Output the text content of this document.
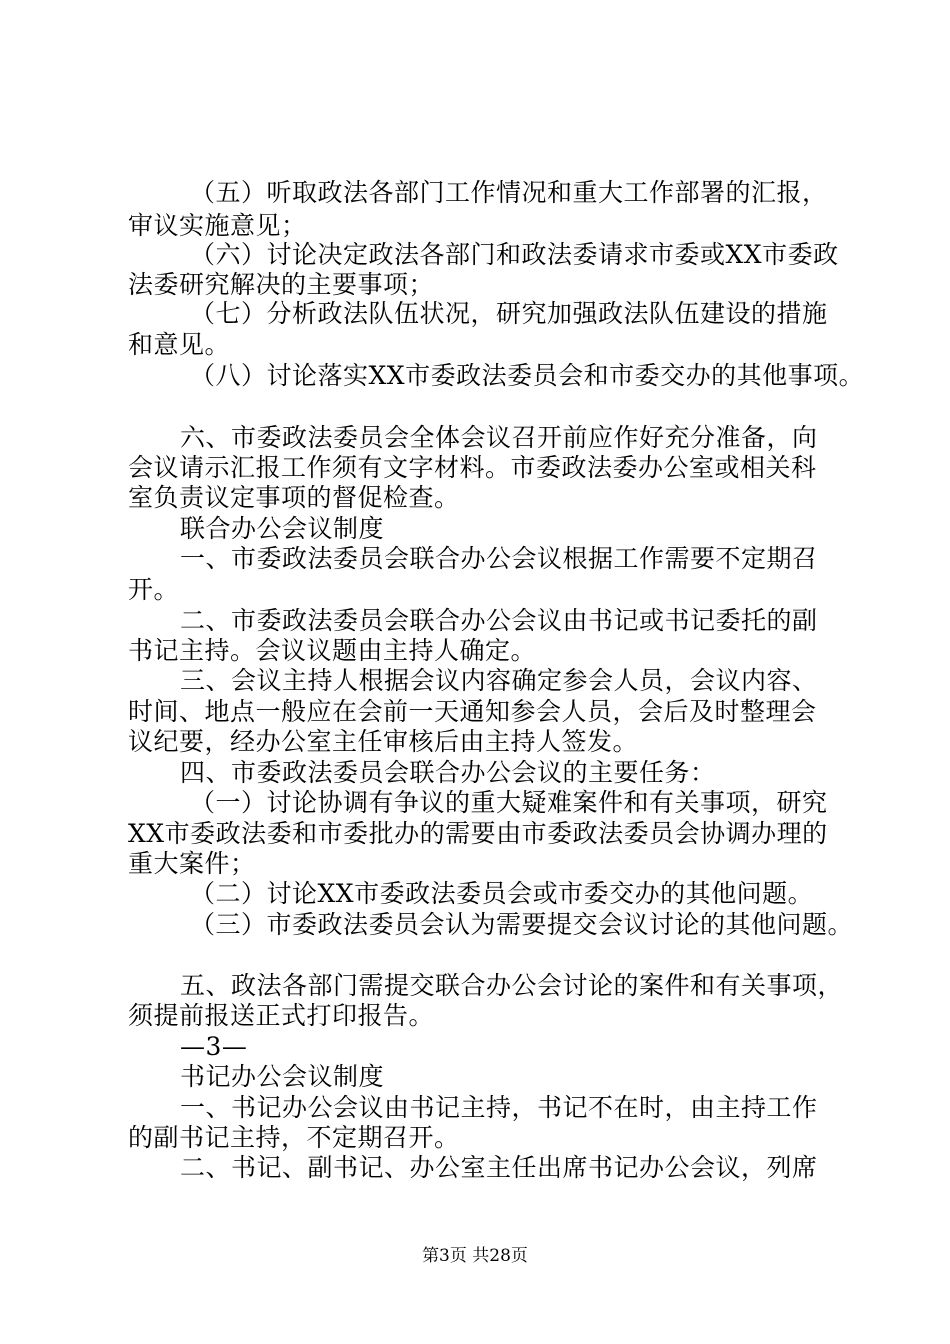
（五）听取政法各部门工作情况和重大工作部署的汇报，
审议实施意见；
（六）讨论决定政法各部门和政法委请求市委或XX市委政
法委研究解决的主要事项；
（七）分析政法队伍状况，研究加强政法队伍建设的措施
和意见。
（八）讨论落实XX市委政法委员会和市委交办的其他事项。
六、市委政法委员会全体会议召开前应作好充分准备，向
会议请示汇报工作须有文字材料。市委政法委办公室或相关科
室负责议定事项的督促检查。
联合办公会议制度
一、市委政法委员会联合办公会议根据工作需要不定期召
开。
二、市委政法委员会联合办公会议由书记或书记委托的副
书记主持。会议议题由主持人确定。
三、会议主持人根据会议内容确定参会人员，会议内容、
时间、地点一般应在会前一天通知参会人员，会后及时整理会
议纪要，经办公室主任审核后由主持人签发。
四、市委政法委员会联合办公会议的主要任务：
（一）讨论协调有争议的重大疑难案件和有关事项，研究
XX市委政法委和市委批办的需要由市委政法委员会协调办理的
重大案件；
（二）讨论XX市委政法委员会或市委交办的其他问题。
（三）市委政法委员会认为需要提交会议讨论的其他问题。
五、政法各部门需提交联合办公会讨论的案件和有关事项，
须提前报送正式打印报告。
—3—
书记办公会议制度
一、书记办公会议由书记主持，书记不在时，由主持工作
的副书记主持，不定期召开。
二、书记、副书记、办公室主任出席书记办公会议，列席
第3页 共28页
